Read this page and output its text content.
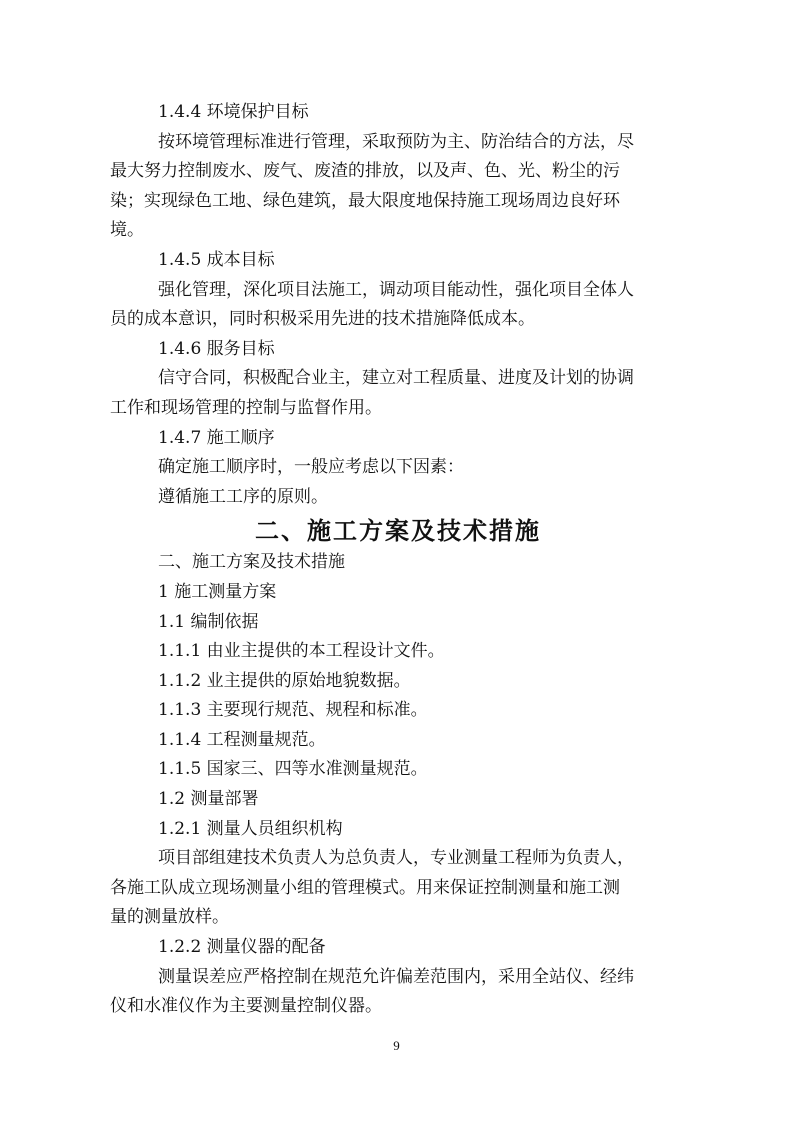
1.4.4 环境保护目标

按环境管理标准进行管理，采取预防为主、防治结合的方法，尽

最大努力控制废水、废气、废渣的排放，以及声、色、光、粉尘的污

染；实现绿色工地、绿色建筑，最大限度地保持施工现场周边良好环

境。

1.4.5 成本目标

强化管理，深化项目法施工，调动项目能动性，强化项目全体人

员的成本意识，同时积极采用先进的技术措施降低成本。

1.4.6 服务目标

信守合同，积极配合业主，建立对工程质量、进度及计划的协调

工作和现场管理的控制与监督作用。

1.4.7 施工顺序

确定施工顺序时，一般应考虑以下因素：

遵循施工工序的原则。

二、施工方案及技术措施

二、施工方案及技术措施

1 施工测量方案

1.1 编制依据

1.1.1 由业主提供的本工程设计文件。

1.1.2 业主提供的原始地貌数据。

1.1.3 主要现行规范、规程和标准。

1.1.4 工程测量规范。

1.1.5 国家三、四等水准测量规范。

1.2 测量部署

1.2.1 测量人员组织机构

项目部组建技术负责人为总负责人，专业测量工程师为负责人，

各施工队成立现场测量小组的管理模式。用来保证控制测量和施工测

量的测量放样。

1.2.2 测量仪器的配备

测量误差应严格控制在规范允许偏差范围内，采用全站仪、经纬

仪和水准仪作为主要测量控制仪器。

9
